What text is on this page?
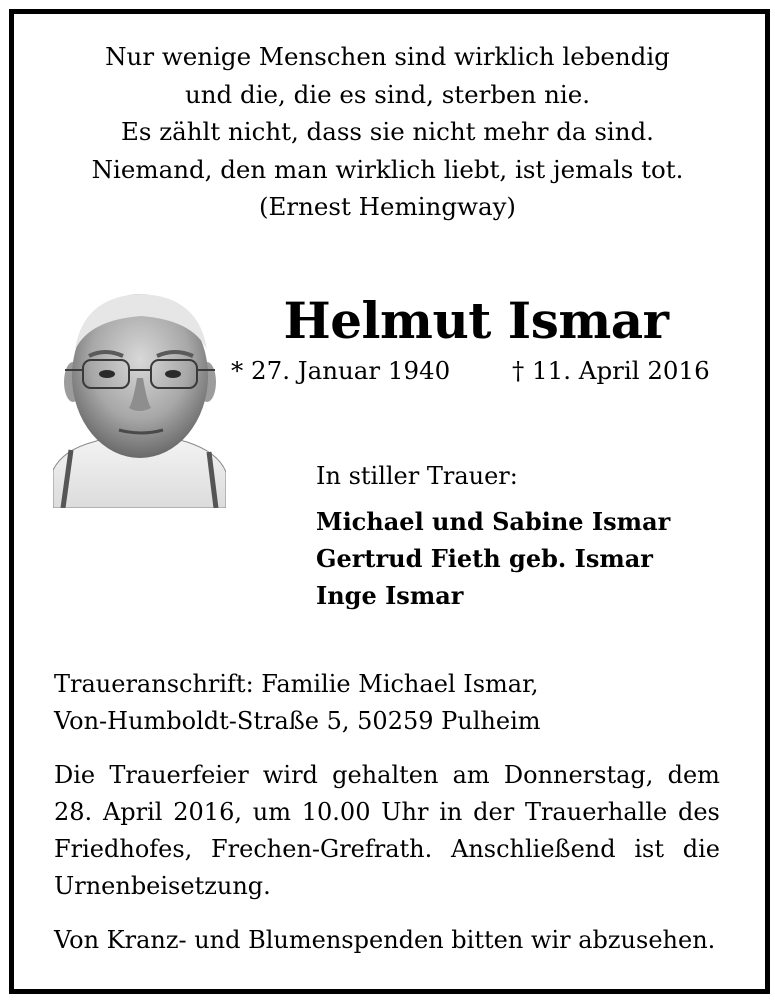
Nur wenige Menschen sind wirklich lebendig
und die, die es sind, sterben nie.
Es zählt nicht, dass sie nicht mehr da sind.
Niemand, den man wirklich liebt, ist jemals tot.
(Ernest Hemingway)
Helmut Ismar
* 27. Januar 1940	† 11. April 2016
In stiller Trauer:
Michael und Sabine Ismar
Gertrud Fieth geb. Ismar
Inge Ismar
Traueranschrift: Familie Michael Ismar,
Von-Humboldt-Straße 5, 50259 Pulheim
Die Trauerfeier wird gehalten am Donnerstag, dem
28. April 2016, um 10.00 Uhr in der Trauerhalle des
Friedhofes, Frechen-Grefrath. Anschließend ist die
Urnenbeisetzung.
Von Kranz- und Blumenspenden bitten wir abzusehen.
